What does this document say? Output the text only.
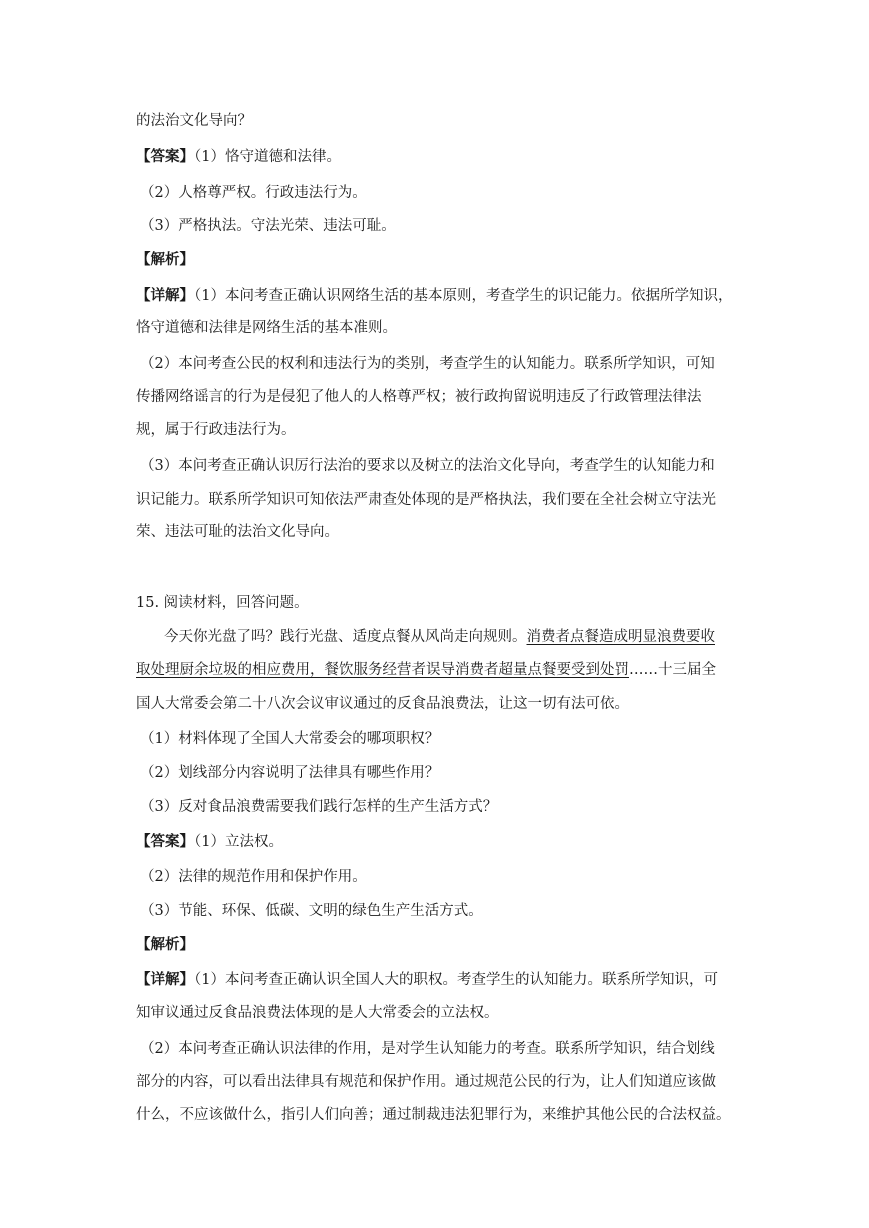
的法治文化导向？
【答案】（1）恪守道德和法律。
（2）人格尊严权。行政违法行为。
（3）严格执法。守法光荣、违法可耻。
【解析】
【详解】（1）本问考查正确认识网络生活的基本原则，考查学生的识记能力。依据所学知识，
恪守道德和法律是网络生活的基本准则。
（2）本问考查公民的权利和违法行为的类别，考查学生的认知能力。联系所学知识，可知
传播网络谣言的行为是侵犯了他人的人格尊严权；被行政拘留说明违反了行政管理法律法
规，属于行政违法行为。
（3）本问考查正确认识厉行法治的要求以及树立的法治文化导向，考查学生的认知能力和
识记能力。联系所学知识可知依法严肃查处体现的是严格执法，我们要在全社会树立守法光
荣、违法可耻的法治文化导向。
15. 阅读材料，回答问题。
今天你光盘了吗？践行光盘、适度点餐从风尚走向规则。消费者点餐造成明显浪费要收
取处理厨余垃圾的相应费用，餐饮服务经营者误导消费者超量点餐要受到处罚……十三届全
国人大常委会第二十八次会议审议通过的反食品浪费法，让这一切有法可依。
（1）材料体现了全国人大常委会的哪项职权？
（2）划线部分内容说明了法律具有哪些作用？
（3）反对食品浪费需要我们践行怎样的生产生活方式？
【答案】（1）立法权。
（2）法律的规范作用和保护作用。
（3）节能、环保、低碳、文明的绿色生产生活方式。
【解析】
【详解】（1）本问考查正确认识全国人大的职权。考查学生的认知能力。联系所学知识，可
知审议通过反食品浪费法体现的是人大常委会的立法权。
（2）本问考查正确认识法律的作用，是对学生认知能力的考查。联系所学知识，结合划线
部分的内容，可以看出法律具有规范和保护作用。通过规范公民的行为，让人们知道应该做
什么，不应该做什么，指引人们向善；通过制裁违法犯罪行为，来维护其他公民的合法权益。
